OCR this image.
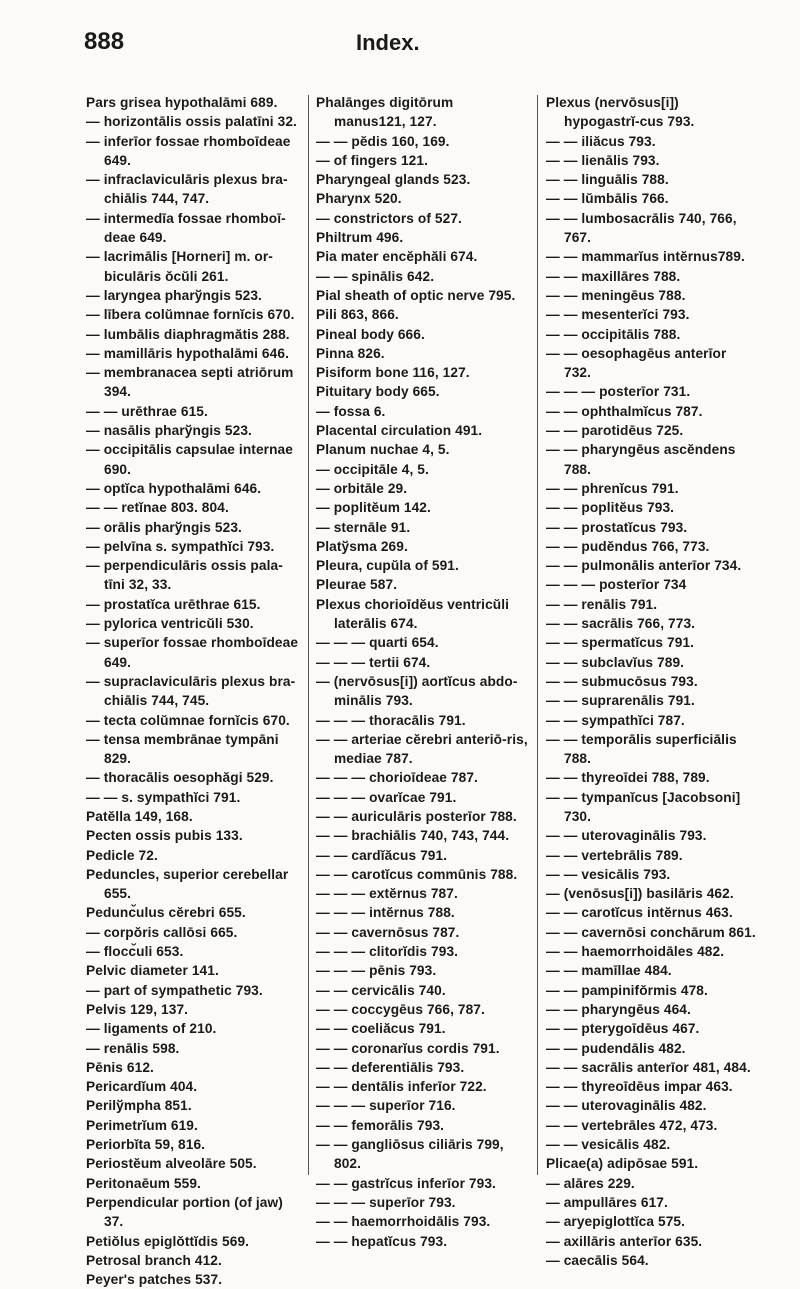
888	Index.
Pars grisea hypothalāmi 689.
— horizontālis ossis palatīni 32.
— inferīor fossae rhomboīdeae 649.
— infraclaviculāris plexus bra-chiālis 744, 747.
— intermedīa fossae rhomboī-deae 649.
— lacrimālis [Horneri] m. or-biculāris ŏcŭli 261.
— laryngea pharўngis 523.
— lībera colŭmnae fornĭcis 670.
— lumbālis diaphragmătis 288.
— mamillāris hypothalāmi 646.
— membranacea septi atriōrum 394.
— — urēthrae 615.
— nasālis pharўngis 523.
— occipitālis capsulae internae 690.
— optĭca hypothalāmi 646.
— — retĭnae 803. 804.
— orālis pharўngis 523.
— pelvīna s. sympathĭci 793.
— perpendiculāris ossis pala-tīni 32, 33.
— prostatĭca urēthrae 615.
— pylorica ventricŭli 530.
— superīor fossae rhomboīdeae 649.
— supraclaviculāris plexus bra-chiālis 744, 745.
— tecta colŭmnae fornĭcis 670.
— tensa membrānae tympāni 829.
— thoracālis oesophăgi 529.
— — s. sympathĭci 791.
Patĕlla 149, 168.
Pecten ossis pubis 133.
Pedicle 72.
Peduncles, superior cerebellar 655.
Pedunc̆ulus cĕrebri 655.
— corpŏris callōsi 665.
— flocc̆uli 653.
Pelvic diameter 141.
— part of sympathetic 793.
Pelvis 129, 137.
— ligaments of 210.
— renālis 598.
Pēnis 612.
Pericardĭum 404.
Perilўmpha 851.
Perimetrĭum 619.
Periorbĭta 59, 816.
Periostĕum alveolāre 505.
Peritonaēum 559.
Perpendicular portion (of jaw) 37.
Petiŏlus epiglŏttĭdis 569.
Petrosal branch 412.
Peyer's patches 537.
Phalānges digitōrum manus121, 127.
— — pĕdis 160, 169.
— of fingers 121.
Pharyngeal glands 523.
Pharynx 520.
— constrictors of 527.
Philtrum 496.
Pia mater encĕphăli 674.
— — spinālis 642.
Pial sheath of optic nerve 795.
Pili 863, 866.
Pineal body 666.
Pinna 826.
Pisiform bone 116, 127.
Pituitary body 665.
— fossa 6.
Placental circulation 491.
Planum nuchae 4, 5.
— occipitāle 4, 5.
— orbitāle 29.
— poplitĕum 142.
— sternāle 91.
Platўsma 269.
Pleura, cupŭla of 591.
Pleurae 587.
Plexus chorioīdĕus ventricŭli laterālis 674.
— — — quarti 654.
— — — tertii 674.
— (nervōsus[i]) aortĭcus abdo-minālis 793.
— — — thoracālis 791.
— — arteriae cĕrebri anteriō-ris, mediae 787.
— — — chorioīdeae 787.
— — — ovarĭcae 791.
— — auriculāris posterīor 788.
— — brachiālis 740, 743, 744.
— — cardĭăcus 791.
— — carotĭcus commūnis 788.
— — — extĕrnus 787.
— — — intĕrnus 788.
— — cavernōsus 787.
— — — clitorĭdis 793.
— — — pēnis 793.
— — cervicālis 740.
— — coccygēus 766, 787.
— — coeliăcus 791.
— — coronarĭus cordis 791.
— — deferentiālis 793.
— — dentālis inferīor 722.
— — — superīor 716.
— — femorālis 793.
— — gangliōsus ciliāris 799, 802.
— — gastrĭcus inferīor 793.
— — — superīor 793.
— — haemorrhoidālis 793.
— — hepatĭcus 793.
Plexus (nervōsus[i]) hypogastrĭ-cus 793.
— — iliăcus 793.
— — lienālis 793.
— — linguālis 788.
— — lŭmbālis 766.
— — lumbosacrālis 740, 766, 767.
— — mammarĭus intĕrnus789.
— — maxillāres 788.
— — meningēus 788.
— — mesenterĭci 793.
— — occipitālis 788.
— — oesophagēus anterīor 732.
— — — posterīor 731.
— — ophthalmĭcus 787.
— — parotidēus 725.
— — pharyngēus ascĕndens 788.
— — phrenĭcus 791.
— — poplitĕus 793.
— — prostatĭcus 793.
— — pudĕndus 766, 773.
— — pulmonālis anterīor 734.
— — — posterīor 734
— — renālis 791.
— — sacrālis 766, 773.
— — spermatĭcus 791.
— — subclavĭus 789.
— — submucōsus 793.
— — suprarenālis 791.
— — sympathĭci 787.
— — temporālis superficiālis 788.
— — thyreoīdei 788, 789.
— — tympanĭcus [Jacobsoni] 730.
— — uterovaginālis 793.
— — vertebrālis 789.
— — vesicālis 793.
— (venōsus[i]) basilāris 462.
— — carotĭcus intĕrnus 463.
— — cavernōsi conchārum 861.
— — haemorrhoidāles 482.
— — mamīllae 484.
— — pampinifŏrmis 478.
— — pharyngēus 464.
— — pterygoīdēus 467.
— — pudendālis 482.
— — sacrālis anterīor 481, 484.
— — thyreoīdēus impar 463.
— — uterovaginālis 482.
— — vertebrāles 472, 473.
— — vesicālis 482.
Plicae(a) adipōsae 591.
— alāres 229.
— ampullāres 617.
— aryepiglottĭca 575.
— axillāris anterīor 635.
— caecālis 564.
